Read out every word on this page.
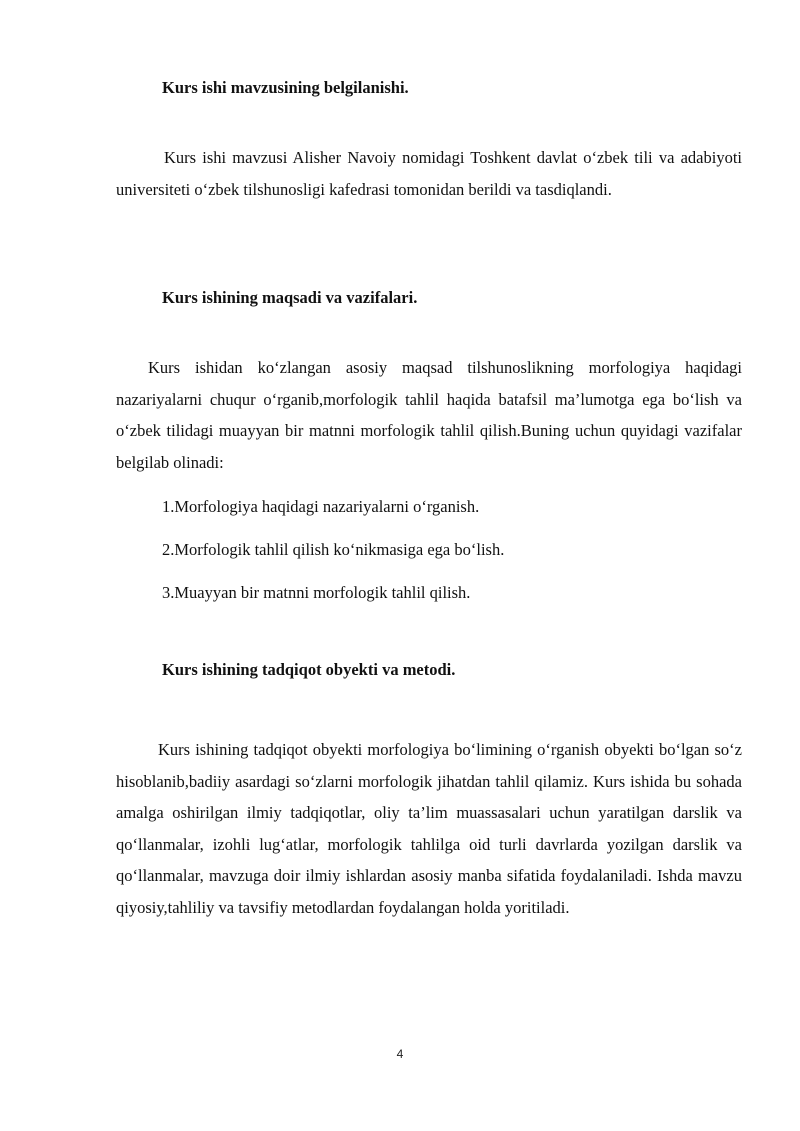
Kurs ishi mavzusining belgilanishi.

Kurs ishi mavzusi Alisher Navoiy nomidagi Toshkent davlat o‘zbek tili va adabiyoti universiteti o‘zbek tilshunosligi kafedrasi tomonidan berildi va tasdiqlandi.

Kurs ishining maqsadi va vazifalari.

Kurs ishidan ko‘zlangan asosiy maqsad tilshunoslikning morfologiya haqidagi nazariyalarni chuqur o‘rganib,morfologik tahlil haqida batafsil ma’lumotga ega bo‘lish va o‘zbek tilidagi muayyan bir matnni morfologik tahlil qilish.Buning uchun quyidagi vazifalar belgilab olinadi:

1.Morfologiya haqidagi nazariyalarni o‘rganish.

2.Morfologik tahlil qilish ko‘nikmasiga ega bo‘lish.

3.Muayyan bir matnni morfologik tahlil qilish.

Kurs ishining tadqiqot obyekti va metodi.

Kurs ishining tadqiqot obyekti morfologiya bo‘limining o‘rganish obyekti bo‘lgan so‘z hisoblanib,badiiy asardagi so‘zlarni morfologik jihatdan tahlil qilamiz. Kurs ishida bu sohada amalga oshirilgan ilmiy tadqiqotlar, oliy ta’lim muassasalari uchun yaratilgan darslik va qo‘llanmalar, izohli lug‘atlar, morfologik tahlilga oid turli davrlarda yozilgan darslik va qo‘llanmalar, mavzuga doir ilmiy ishlardan asosiy manba sifatida foydalaniladi. Ishda mavzu qiyosiy,tahliliy va tavsifiy metodlardan foydalangan holda yoritiladi.

4
